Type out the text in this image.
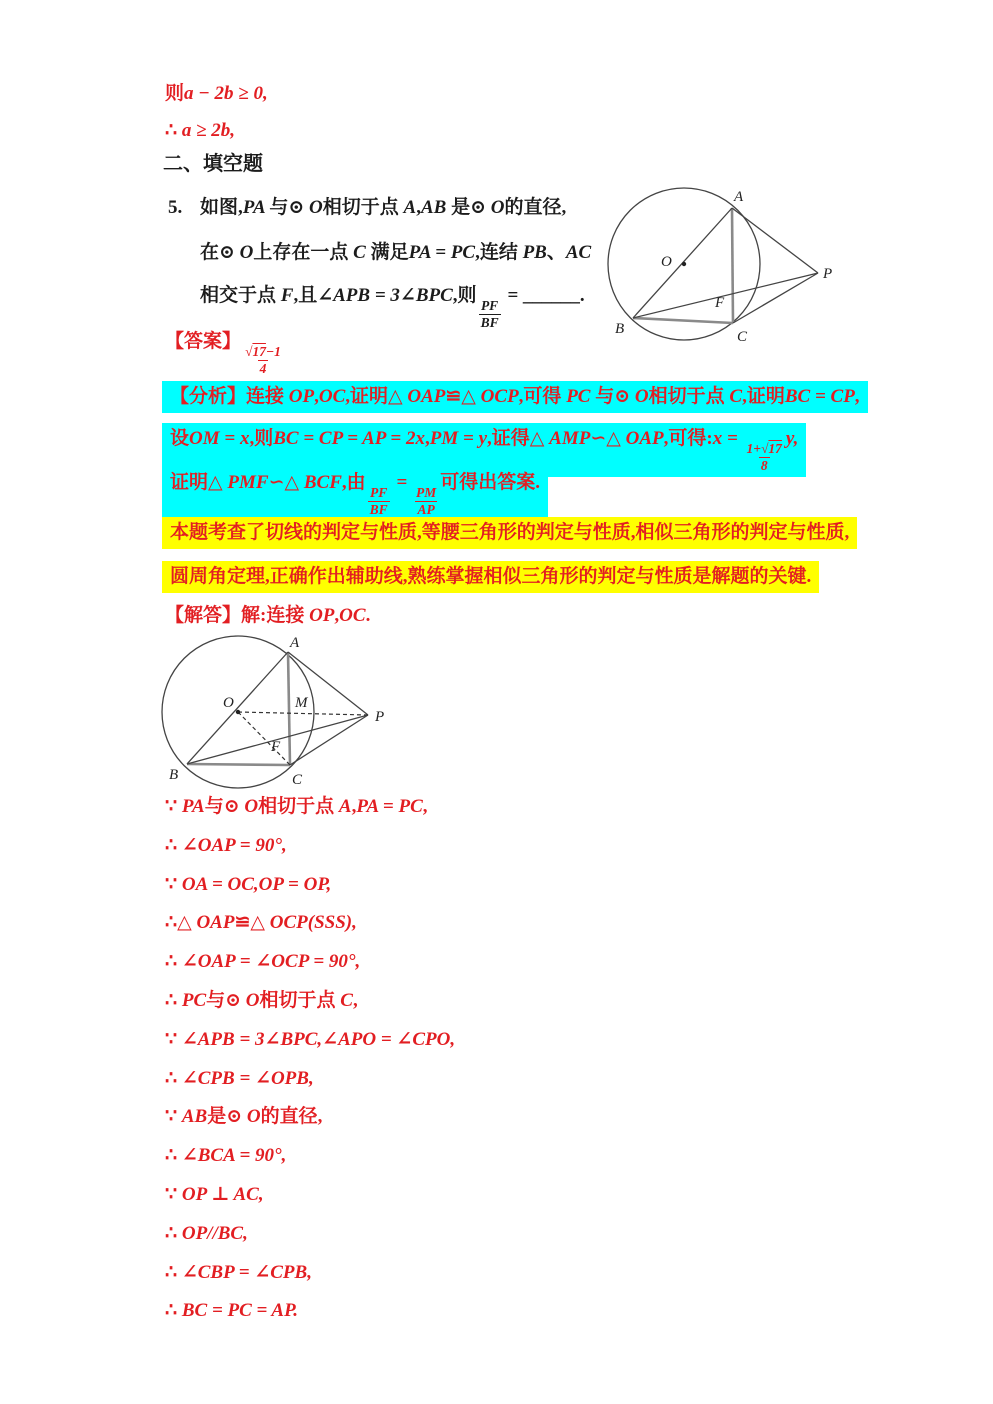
则a − 2b ≥ 0,
∴ a ≥ 2b,
二、填空题
5. 如图,PA 与⊙ O相切于点 A,AB 是⊙ O的直径,
在⊙ O上存在一点 C 满足PA = PC,连结 PB、AC
相交于点 F,且∠APB = 3∠BPC,则
$\frac{PF}{BF}$
= ______.
A
O
P
B	C
F
【答案】
$\frac{√17-1}{4}$
【分析】连接 OP,OC,证明△ OAP≌△ OCP,可得 PC 与⊙ O相切于点 C,证明BC = CP,
设OM = x,则BC = CP = AP = 2x,PM = y,证得△ AMP∽△ OAP,可得:x =
$\frac{1+√17}{8}$
y,
证明△ PMF∽△ BCF,由
$\frac{PF}{BF}$
=
$\frac{PM}{AP}$
可得出答案.
本题考查了切线的判定与性质,等腰三角形的判定与性质,相似三角形的判定与性质,
圆周角定理,正确作出辅助线,熟练掌握相似三角形的判定与性质是解题的关键.
【解答】解:连接 OP,OC.
A
O	M
P
F
B	C
∵ PA与⊙ O相切于点 A,PA = PC,
∴ ∠OAP = 90°,
∵ OA = OC,OP = OP,
∴△ OAP≌△ OCP(SSS),
∴ ∠OAP = ∠OCP = 90°,
∴ PC与⊙ O相切于点 C,
∵ ∠APB = 3∠BPC,∠APO = ∠CPO,
∴ ∠CPB = ∠OPB,
∵ AB是⊙ O的直径,
∴ ∠BCA = 90°,
∵ OP ⊥ AC,
∴ OP//BC,
∴ ∠CBP = ∠CPB,
∴ BC = PC = AP.
